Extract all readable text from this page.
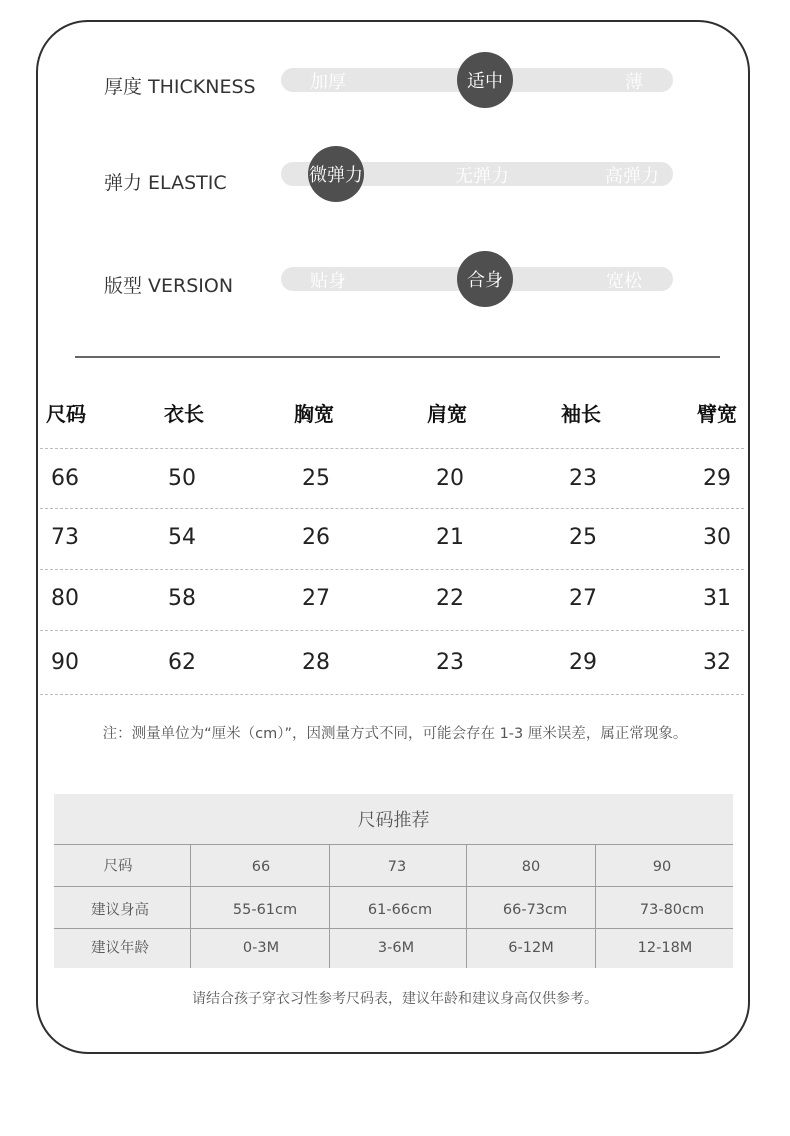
厚度 THICKNESS	加厚	适中	薄
弹力 ELASTIC	微弹力	无弹力	高弹力
版型 VERSION	贴身	合身	宽松
尺码	衣长	胸宽	肩宽	袖长	臂宽
66	50	25	20	23	29
73	54	26	21	25	30
80	58	27	22	27	31
90	62	28	23	29	32
注：测量单位为“厘米（cm）”，因测量方式不同，可能会存在 1-3 厘米误差，属正常现象。
尺码推荐
尺码	66	73	80	90
建议身高	55-61cm	61-66cm	66-73cm	73-80cm
建议年龄	0-3M	3-6M	6-12M	12-18M
请结合孩子穿衣习性参考尺码表，建议年龄和建议身高仅供参考。
